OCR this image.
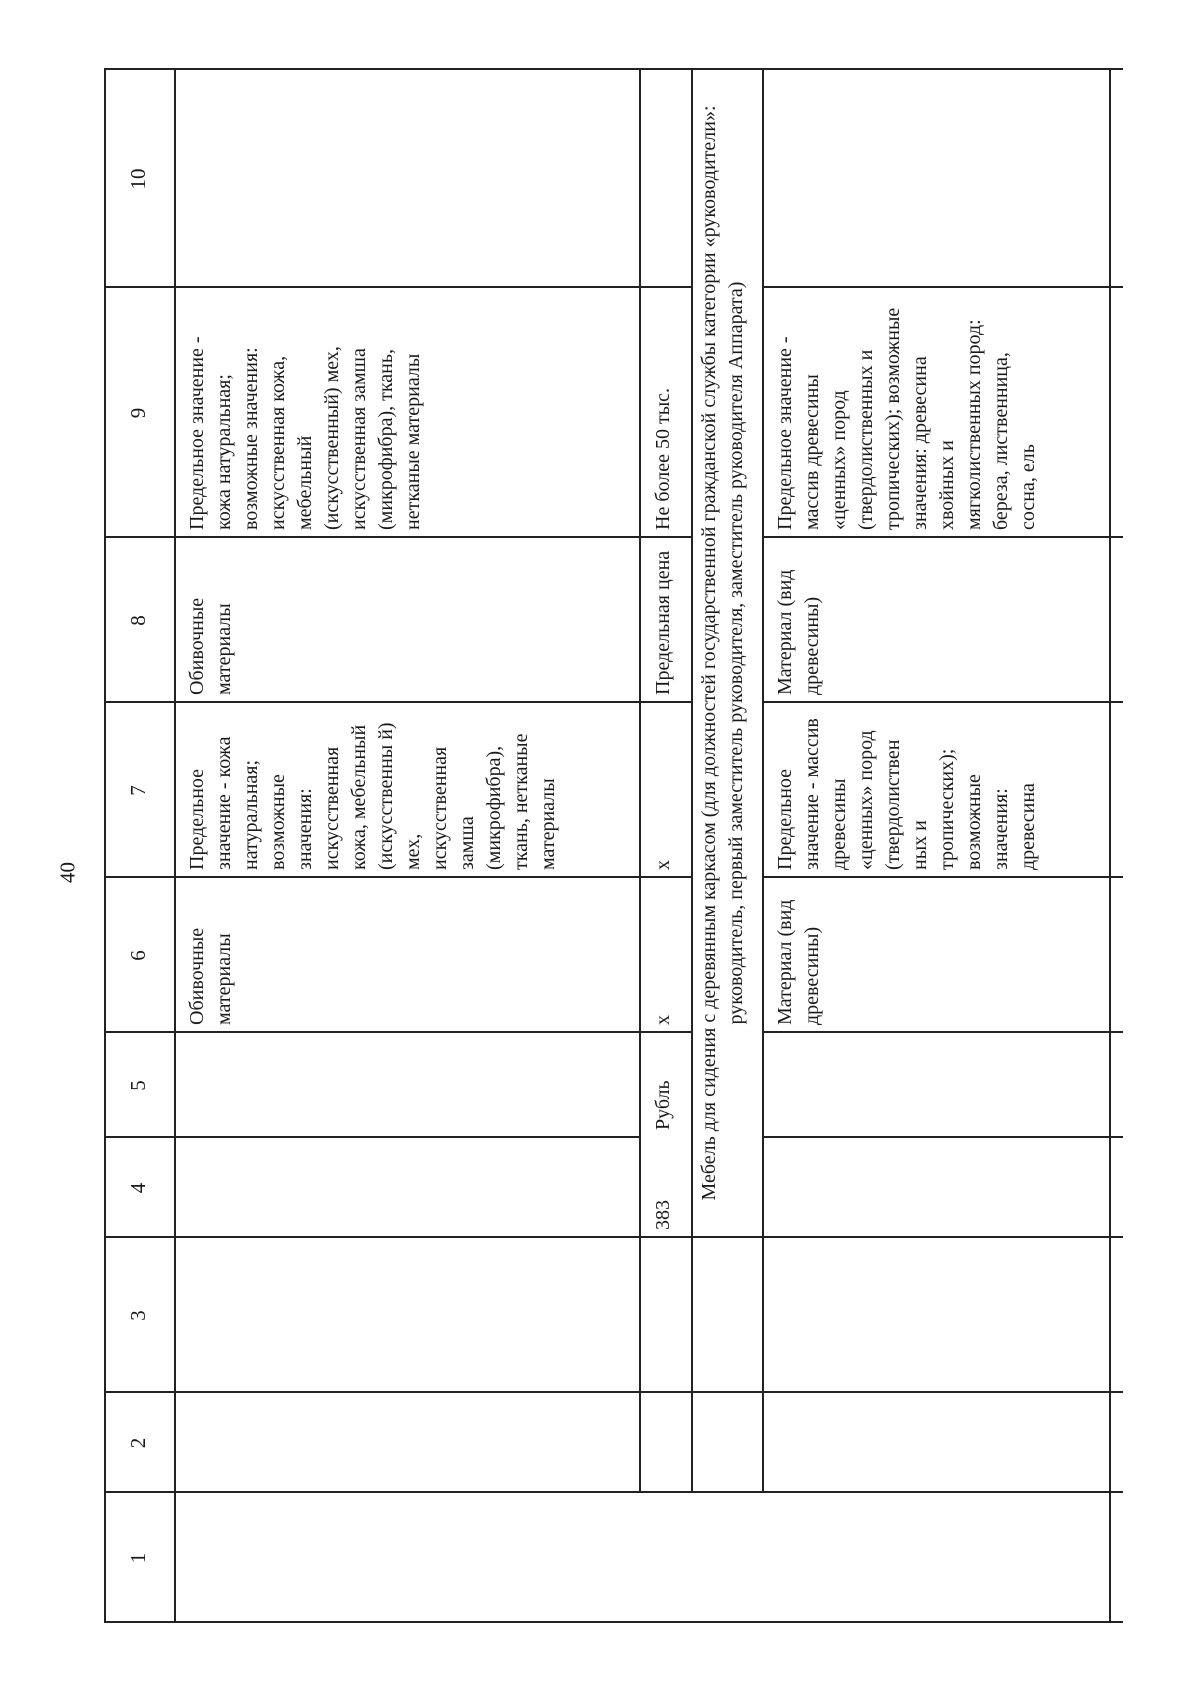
40
1
2
3
4
5
6
7
8
9
10
Обивочные материалы
Предельное значение - кожа натуральная; возможные значения: искусственная кожа, мебельный (искусственны й) мех, искусственная замша (микрофибра), ткань, нетканые материалы
Обивочные материалы
Предельное значение - кожа натуральная; возможные значения: искусственная кожа, мебельный (искусственный) мех, искусственная замша (микрофибра), ткань, нетканые материалы
383
Рубль
x
x
Предельная цена
Не более 50 тыс.	Мебель для сидения с деревянным каркасом (для должностей государственной гражданской службы категории «руководители»: руководитель, первый заместитель руководителя, заместитель руководителя Аппарата)	Материал (вид древесины)
Предельное значение - массив древесины «ценных» пород (твердолиствен ных и тропических); возможные значения: древесина
Материал (вид древесины)
Предельное значение - массив древесины «ценных» пород (твердолиственных и тропических); возможные значения: древесина хвойных и мягколиственных пород: береза, лиственница, сосна, ель
